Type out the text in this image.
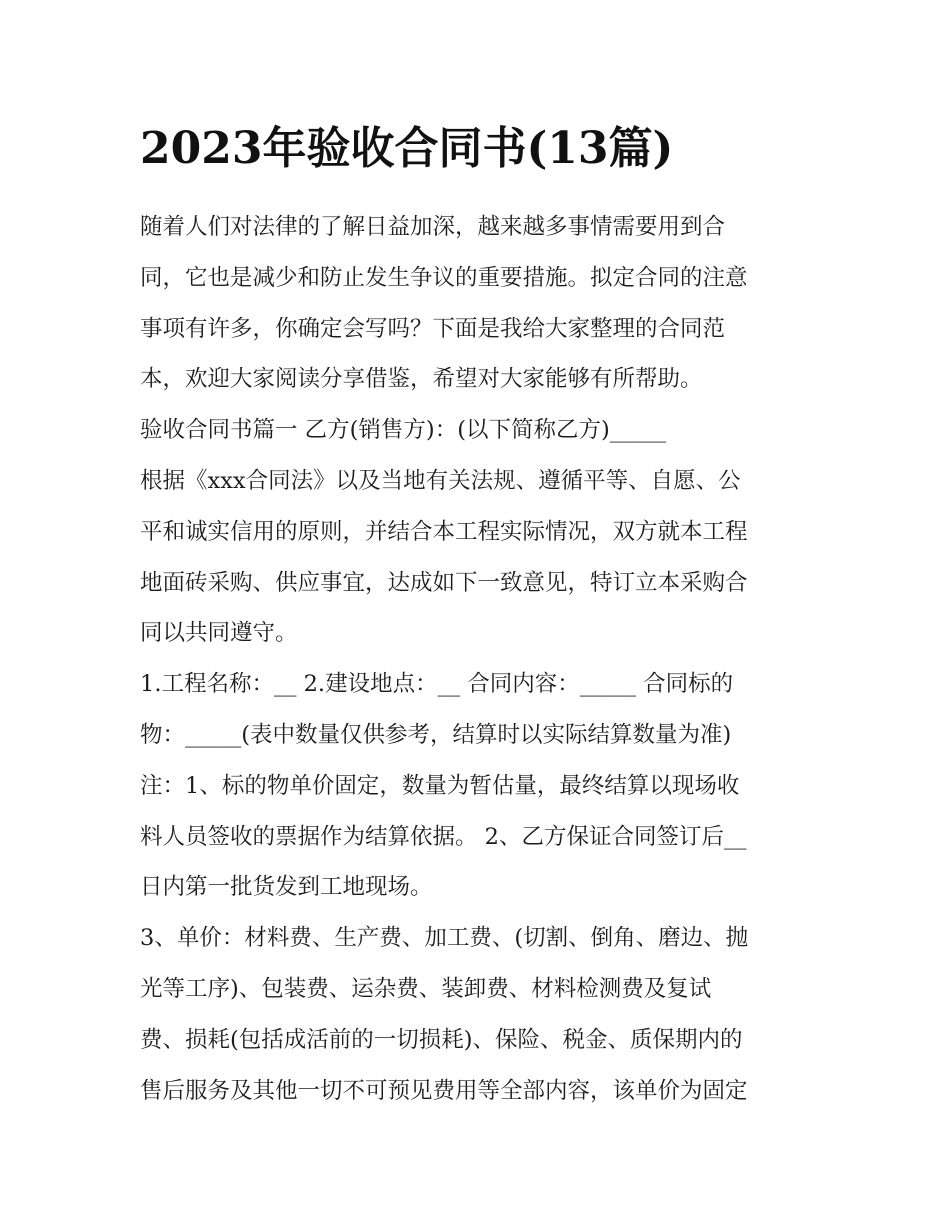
2023年验收合同书(13篇)

随着人们对法律的了解日益加深，越来越多事情需要用到合
同，它也是减少和防止发生争议的重要措施。拟定合同的注意
事项有许多，你确定会写吗？下面是我给大家整理的合同范
本，欢迎大家阅读分享借鉴，希望对大家能够有所帮助。

验收合同书篇一 乙方(销售方)：(以下简称乙方)_____

根据《xxx合同法》以及当地有关法规、遵循平等、自愿、公
平和诚实信用的原则，并结合本工程实际情况，双方就本工程
地面砖采购、供应事宜，达成如下一致意见，特订立本采购合
同以共同遵守。

1.工程名称：__ 2.建设地点：__ 合同内容：_____ 合同标的
物：_____(表中数量仅供参考，结算时以实际结算数量为准)
注：1、标的物单价固定，数量为暂估量，最终结算以现场收
料人员签收的票据作为结算依据。 2、乙方保证合同签订后__
日内第一批货发到工地现场。

3、单价：材料费、生产费、加工费、(切割、倒角、磨边、抛
光等工序)、包装费、运杂费、装卸费、材料检测费及复试
费、损耗(包括成活前的一切损耗)、保险、税金、质保期内的
售后服务及其他一切不可预见费用等全部内容，该单价为固定
